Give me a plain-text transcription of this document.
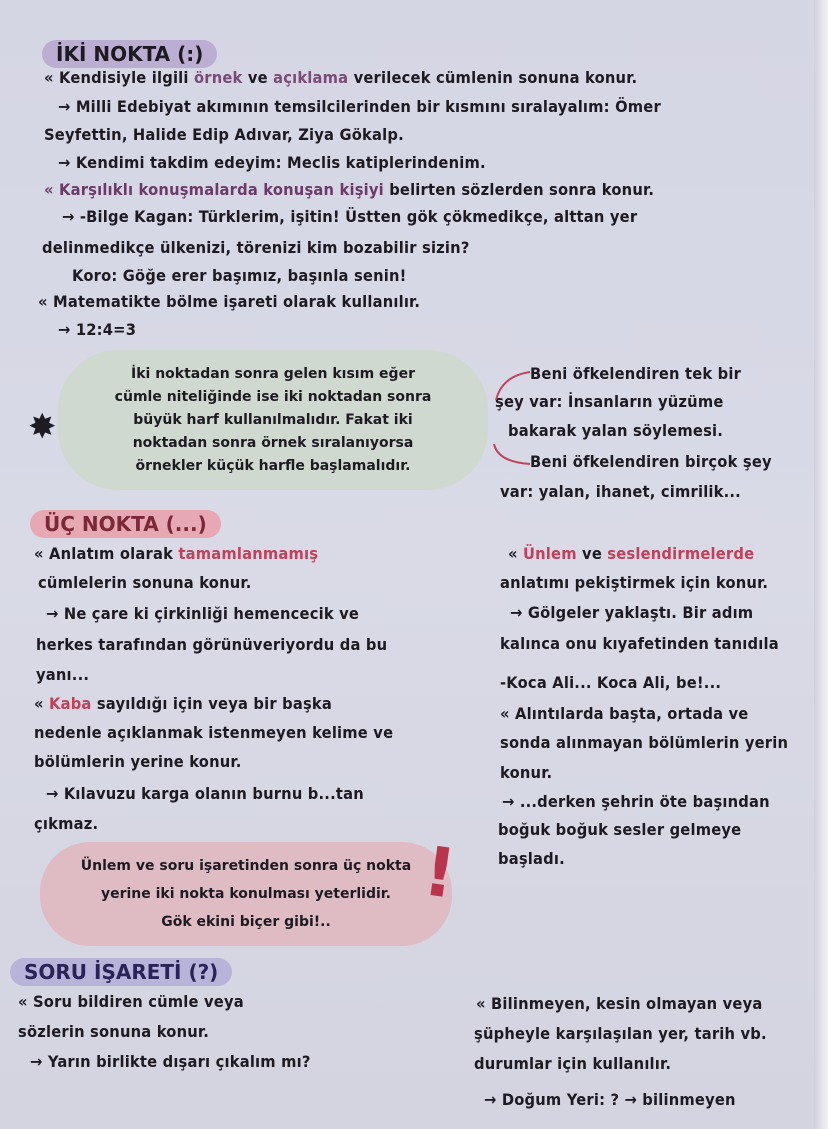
İKİ NOKTA (:)
« Kendisiyle ilgili örnek ve açıklama verilecek cümlenin sonuna konur.
→ Milli Edebiyat akımının temsilcilerinden bir kısmını sıralayalım: Ömer
Seyfettin, Halide Edip Adıvar, Ziya Gökalp.
→ Kendimi takdim edeyim: Meclis katiplerindenim.
« Karşılıklı konuşmalarda konuşan kişiyi belirten sözlerden sonra konur.
→ -Bilge Kagan: Türklerim, işitin! Üstten gök çökmedikçe, alttan yer
delinmedikçe ülkenizi, törenizi kim bozabilir sizin?
Koro: Göğe erer başımız, başınla senin!
« Matematikte bölme işareti olarak kullanılır.
→ 12:4=3
İki noktadan sonra gelen kısım eğer
cümle niteliğinde ise iki noktadan sonra
büyük harf kullanılmalıdır. Fakat iki
noktadan sonra örnek sıralanıyorsa
örnekler küçük harfle başlamalıdır.
✸
Beni öfkelendiren tek bir
şey var: İnsanların yüzüme
bakarak yalan söylemesi.
Beni öfkelendiren birçok şey
var: yalan, ihanet, cimrilik...
ÜÇ NOKTA (...)
« Anlatım olarak tamamlanmamış
cümlelerin sonuna konur.
→ Ne çare ki çirkinliği hemencecik ve
herkes tarafından görünüveriyordu da bu
yanı...
« Kaba sayıldığı için veya bir başka
nedenle açıklanmak istenmeyen kelime ve
bölümlerin yerine konur.
→ Kılavuzu karga olanın burnu b...tan
çıkmaz.
« Ünlem ve seslendirmelerde
anlatımı pekiştirmek için konur.
→ Gölgeler yaklaştı. Bir adım
kalınca onu kıyafetinden tanıdıla
-Koca Ali... Koca Ali, be!...
« Alıntılarda başta, ortada ve
sonda alınmayan bölümlerin yerin
konur.
→ ...derken şehrin öte başından
boğuk boğuk sesler gelmeye
başladı.
Ünlem ve soru işaretinden sonra üç nokta
yerine iki nokta konulması yeterlidir.
Gök ekini biçer gibi!..
!
SORU İŞARETİ (?)
« Soru bildiren cümle veya
sözlerin sonuna konur.
→ Yarın birlikte dışarı çıkalım mı?
« Bilinmeyen, kesin olmayan veya
şüpheyle karşılaşılan yer, tarih vb.
durumlar için kullanılır.
→ Doğum Yeri: ? → bilinmeyen
